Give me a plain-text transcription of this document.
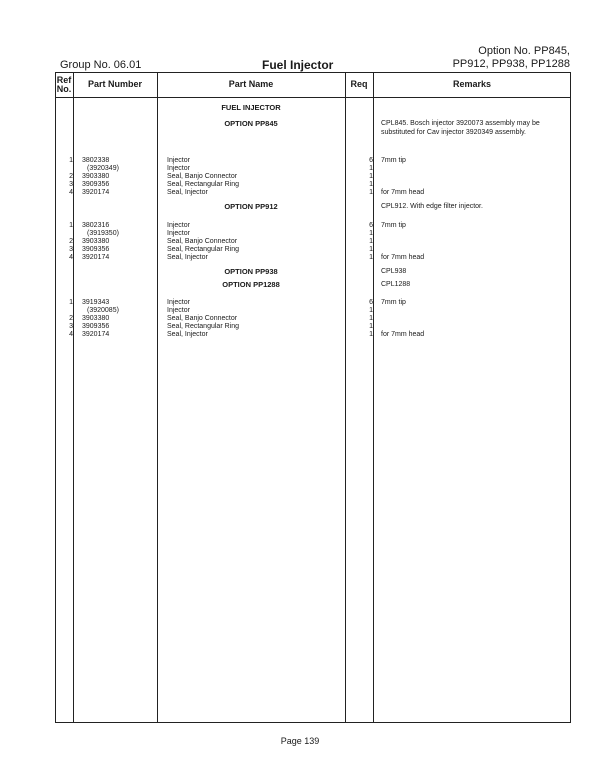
Group No. 06.01	Fuel Injector
Option No. PP845,
PP912, PP938, PP1288
Ref No.	Part Number	Part Name	Req	Remarks
FUEL INJECTOR
OPTION PP845	CPL845. Bosch injector 3920073 assembly may be substituted for Cav injector 3920349 assembly.
1 3802338	Injector	6 7mm tip
(3920349)	Injector	1
2 3903380	Seal, Banjo Connector	1
3 3909356	Seal, Rectangular Ring	1
4 3920174	Seal, Injector	1 for 7mm head
OPTION PP912	CPL912. With edge filter injector.
1 3802316	Injector	6 7mm tip
(3919350)	Injector	1
2 3903380	Seal, Banjo Connector	1
3 3909356	Seal, Rectangular Ring	1
4 3920174	Seal, Injector	1 for 7mm head
OPTION PP938	CPL938
OPTION PP1288	CPL1288
1 3919343	Injector	6 7mm tip
(3920085)	Injector	1
2 3903380	Seal, Banjo Connector	1
3 3909356	Seal, Rectangular Ring	1
4 3920174	Seal, Injector	1 for 7mm head
Page 139
